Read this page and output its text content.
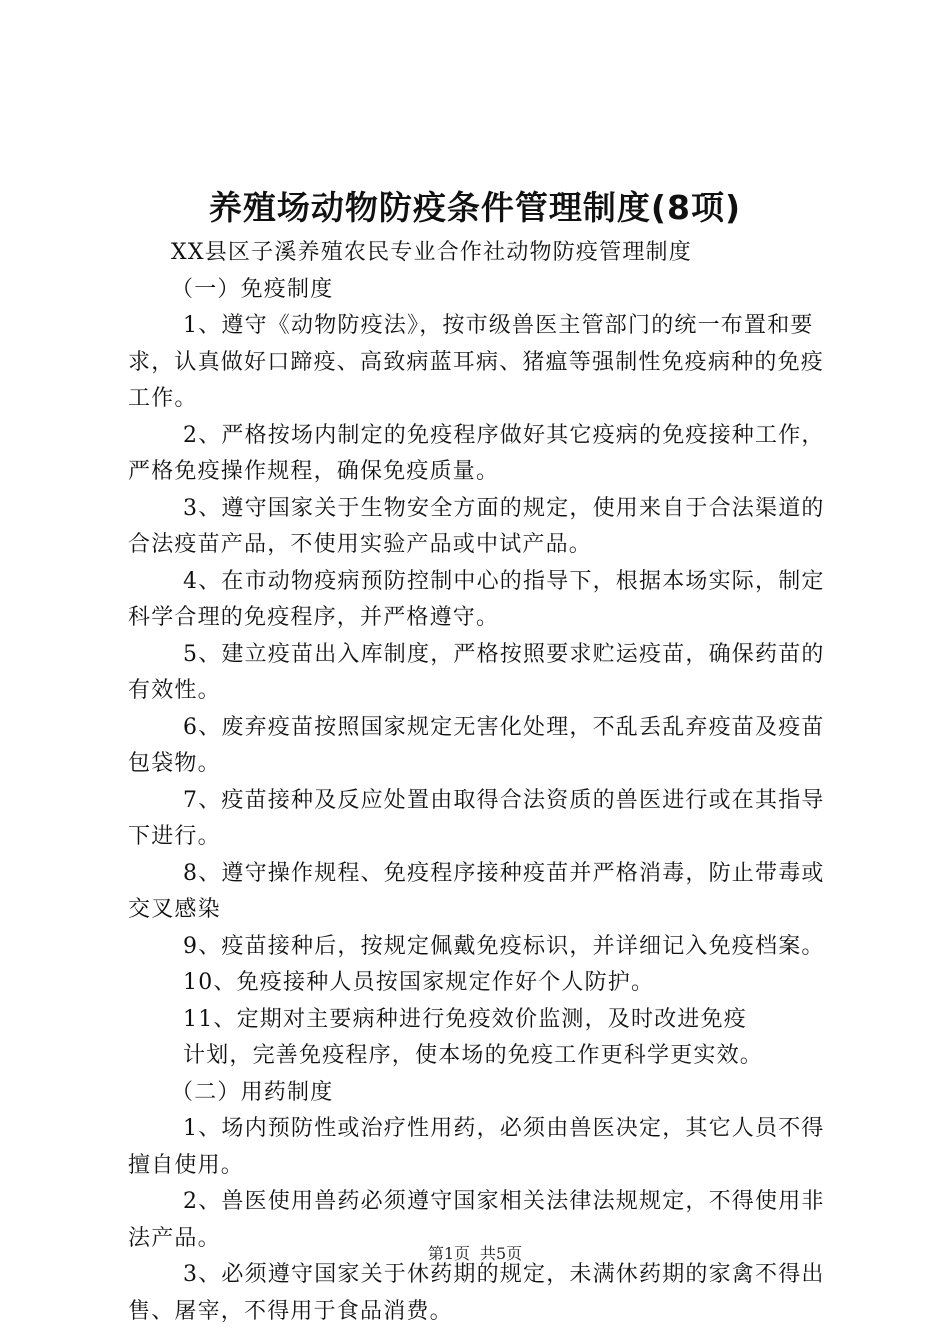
养殖场动物防疫条件管理制度(8项)

XX县区子溪养殖农民专业合作社动物防疫管理制度

（一）免疫制度

1、遵守《动物防疫法》，按市级兽医主管部门的统一布置和要求，认真做好口蹄疫、高致病蓝耳病、猪瘟等强制性免疫病种的免疫工作。

2、严格按场内制定的免疫程序做好其它疫病的免疫接种工作，严格免疫操作规程，确保免疫质量。

3、遵守国家关于生物安全方面的规定，使用来自于合法渠道的合法疫苗产品，不使用实验产品或中试产品。

4、在市动物疫病预防控制中心的指导下，根据本场实际，制定科学合理的免疫程序，并严格遵守。

5、建立疫苗出入库制度，严格按照要求贮运疫苗，确保药苗的有效性。

6、废弃疫苗按照国家规定无害化处理，不乱丢乱弃疫苗及疫苗包袋物。

7、疫苗接种及反应处置由取得合法资质的兽医进行或在其指导下进行。

8、遵守操作规程、免疫程序接种疫苗并严格消毒，防止带毒或交叉感染

9、疫苗接种后，按规定佩戴免疫标识，并详细记入免疫档案。

10、免疫接种人员按国家规定作好个人防护。

11、定期对主要病种进行免疫效价监测，及时改进免疫

计划，完善免疫程序，使本场的免疫工作更科学更实效。

（二）用药制度

1、场内预防性或治疗性用药，必须由兽医决定，其它人员不得擅自使用。

2、兽医使用兽药必须遵守国家相关法律法规规定，不得使用非法产品。

3、必须遵守国家关于休药期的规定，未满休药期的家禽不得出售、屠宰，不得用于食品消费。

第1页 共5页
